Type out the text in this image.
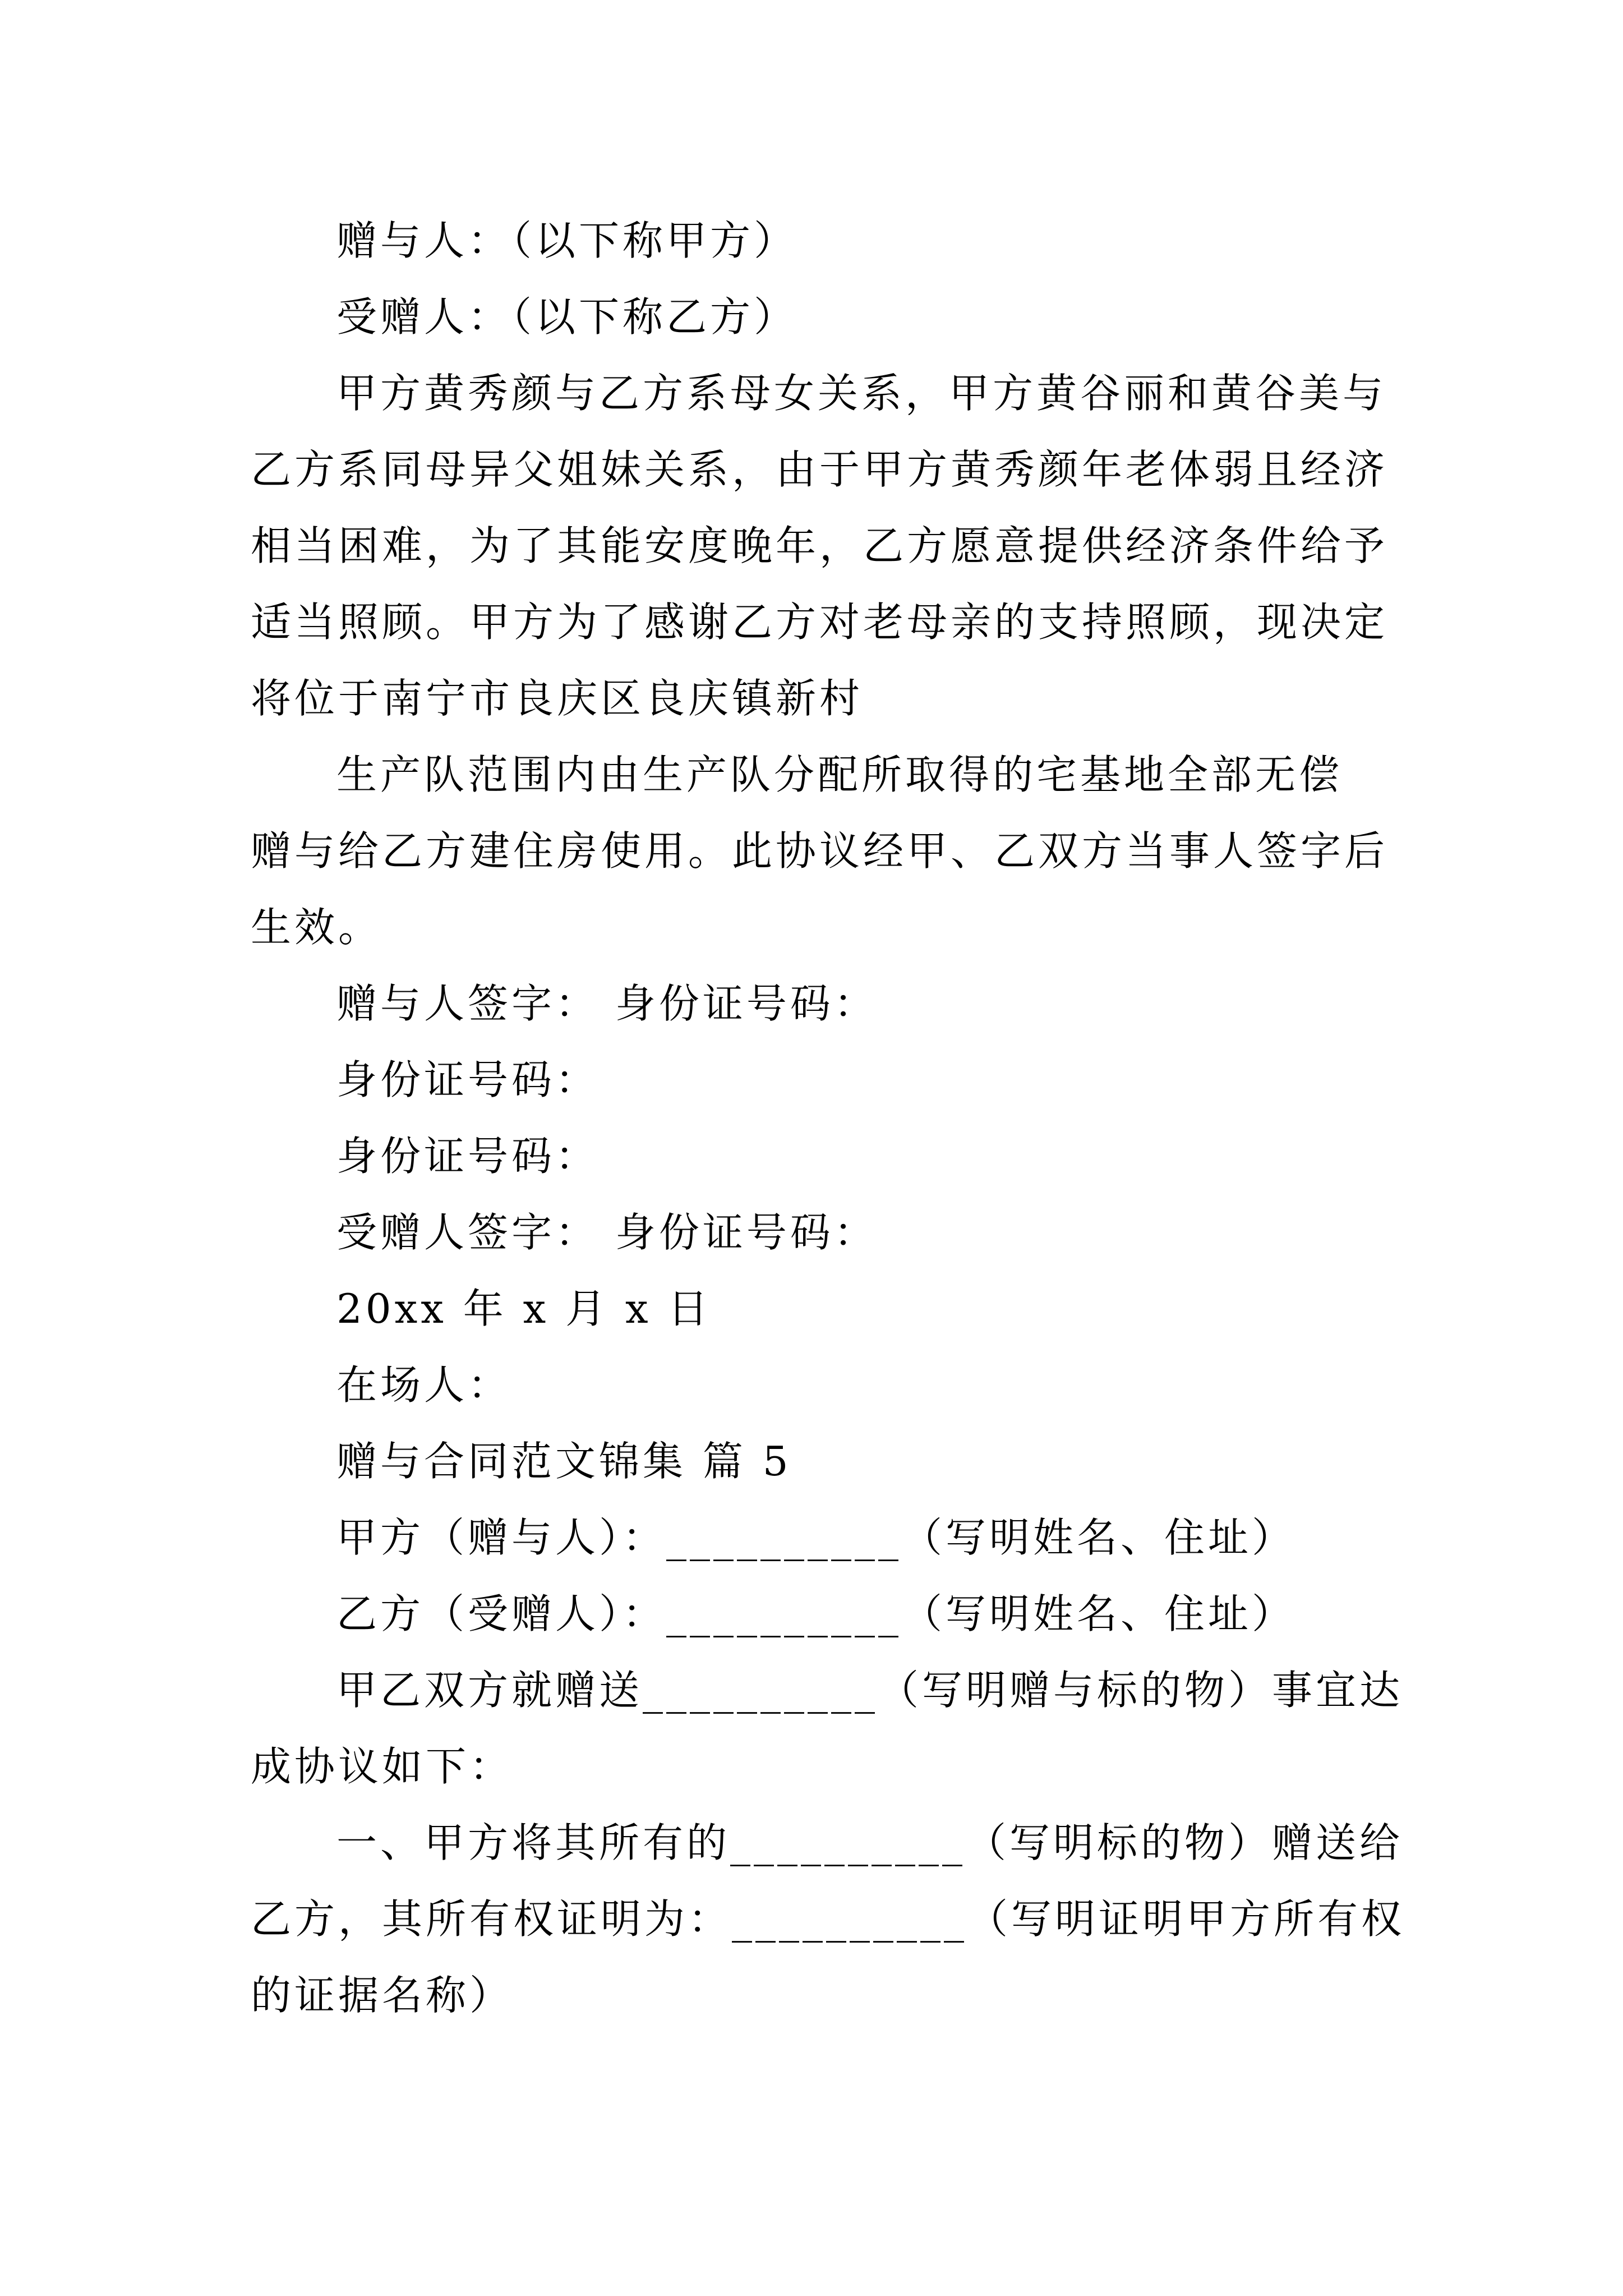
赠与人：（以下称甲方）
受赠人：（以下称乙方）
甲方黄秀颜与乙方系母女关系，甲方黄谷丽和黄谷美与
乙方系同母异父姐妹关系，由于甲方黄秀颜年老体弱且经济
相当困难，为了其能安度晚年，乙方愿意提供经济条件给予
适当照顾。甲方为了感谢乙方对老母亲的支持照顾，现决定
将位于南宁市良庆区良庆镇新村
生产队范围内由生产队分配所取得的宅基地全部无偿
赠与给乙方建住房使用。此协议经甲、乙双方当事人签字后
生效。
赠与人签字： 身份证号码：
身份证号码：
身份证号码：
受赠人签字： 身份证号码：
20xx 年 x 月 x 日
在场人：
赠与合同范文锦集 篇 5
甲方（赠与人）：__________（写明姓名、住址）
乙方（受赠人）：__________（写明姓名、住址）
甲乙双方就赠送__________（写明赠与标的物）事宜达
成协议如下：
一、甲方将其所有的__________（写明标的物）赠送给
乙方，其所有权证明为：__________（写明证明甲方所有权
的证据名称）
